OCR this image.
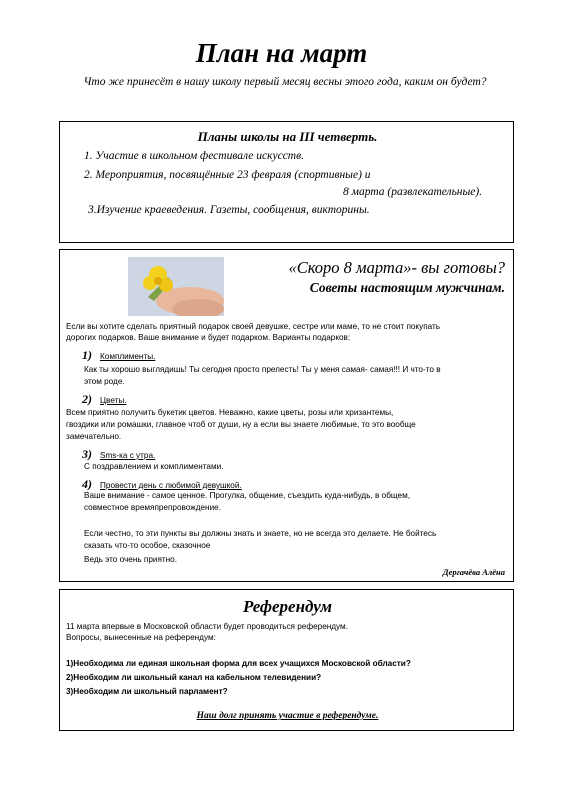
План на март
Что же принесёт в нашу школу первый месяц весны этого года, каким он будет?
Планы школы на III четверть.
1. Участие в школьном фестивале искусств.
2. Мероприятия, посвящённые 23 февраля (спортивные) и
8 марта (развлекательные).
3.Изучение краеведения. Газеты, сообщения, викторины.
«Скоро 8 марта»- вы готовы?
Советы настоящим мужчинам.
Если вы хотите сделать приятный подарок своей девушке, сестре или маме, то не стоит покупать
дорогих подарков. Ваше внимание и будет подарком. Варианты подарков:
1) Комплименты.
Как ты хорошо выглядишь! Ты сегодня просто прелесть! Ты у меня самая- самая!!! И что-то в
этом роде.
2) Цветы.
Всем приятно получить букетик цветов. Неважно, какие цветы, розы или хризантемы,
гвоздики или ромашки, главное чтоб от души, ну а если вы знаете любимые, то это вообще
замечательно.
3) Sms-ка с утра.
С поздравлением и комплиментами.
4) Провести день с любимой девушкой.
Ваше внимание - самое ценное. Прогулка, общение, съездить куда-нибудь, в общем,
совместное времяпрепровождение.
Если честно, то эти пункты вы должны знать и знаете, но не всегда это делаете. Не бойтесь
сказать что-то особое, сказочное
Ведь это очень приятно.
Дергачёва Алёна
Референдум
11 марта впервые в Московской области будет проводиться референдум.
Вопросы, вынесенные на референдум:
1)Необходима ли единая школьная форма для всех учащихся Московской области?
2)Необходим ли школьный канал на кабельном телевидении?
3)Необходим ли школьный парламент?
Наш долг принять участие в референдуме.
